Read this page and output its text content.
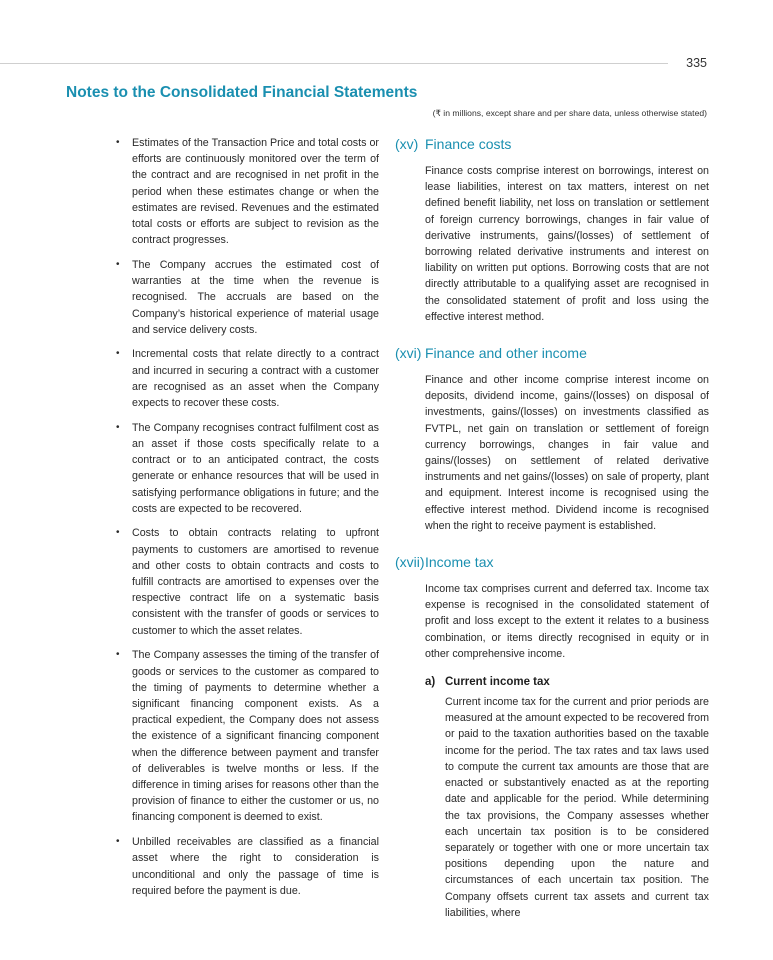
335
Notes to the Consolidated Financial Statements
(₹ in millions, except share and per share data, unless otherwise stated)
• Estimates of the Transaction Price and total costs or efforts are continuously monitored over the term of the contract and are recognised in net profit in the period when these estimates change or when the estimates are revised. Revenues and the estimated total costs or efforts are subject to revision as the contract progresses.

• The Company accrues the estimated cost of warranties at the time when the revenue is recognised. The accruals are based on the Company’s historical experience of material usage and service delivery costs.

• Incremental costs that relate directly to a contract and incurred in securing a contract with a customer are recognised as an asset when the Company expects to recover these costs.

• The Company recognises contract fulfilment cost as an asset if those costs specifically relate to a contract or to an anticipated contract, the costs generate or enhance resources that will be used in satisfying performance obligations in future; and the costs are expected to be recovered.

• Costs to obtain contracts relating to upfront payments to customers are amortised to revenue and other costs to obtain contracts and costs to fulfill contracts are amortised to expenses over the respective contract life on a systematic basis consistent with the transfer of goods or services to customer to which the asset relates.

• The Company assesses the timing of the transfer of goods or services to the customer as compared to the timing of payments to determine whether a significant financing component exists. As a practical expedient, the Company does not assess the existence of a significant financing component when the difference between payment and transfer of deliverables is twelve months or less. If the difference in timing arises for reasons other than the provision of finance to either the customer or us, no financing component is deemed to exist.

• Unbilled receivables are classified as a financial asset where the right to consideration is unconditional and only the passage of time is required before the payment is due.

(xv) Finance costs

Finance costs comprise interest on borrowings, interest on lease liabilities, interest on tax matters, interest on net defined benefit liability, net loss on translation or settlement of foreign currency borrowings, changes in fair value of derivative instruments, gains/(losses) of settlement of borrowing related derivative instruments and interest on liability on written put options. Borrowing costs that are not directly attributable to a qualifying asset are recognised in the consolidated statement of profit and loss using the effective interest method.

(xvi) Finance and other income

Finance and other income comprise interest income on deposits, dividend income, gains/(losses) on disposal of investments, gains/(losses) on investments classified as FVTPL, net gain on translation or settlement of foreign currency borrowings, changes in fair value and gains/(losses) on settlement of related derivative instruments and net gains/(losses) on sale of property, plant and equipment. Interest income is recognised using the effective interest method. Dividend income is recognised when the right to receive payment is established.

(xvii) Income tax

Income tax comprises current and deferred tax. Income tax expense is recognised in the consolidated statement of profit and loss except to the extent it relates to a business combination, or items directly recognised in equity or in other comprehensive income.

a) Current income tax

Current income tax for the current and prior periods are measured at the amount expected to be recovered from or paid to the taxation authorities based on the taxable income for the period. The tax rates and tax laws used to compute the current tax amounts are those that are enacted or substantively enacted as at the reporting date and applicable for the period. While determining the tax provisions, the Company assesses whether each uncertain tax position is to be considered separately or together with one or more uncertain tax positions depending upon the nature and circumstances of each uncertain tax position. The Company offsets current tax assets and current tax liabilities, where
